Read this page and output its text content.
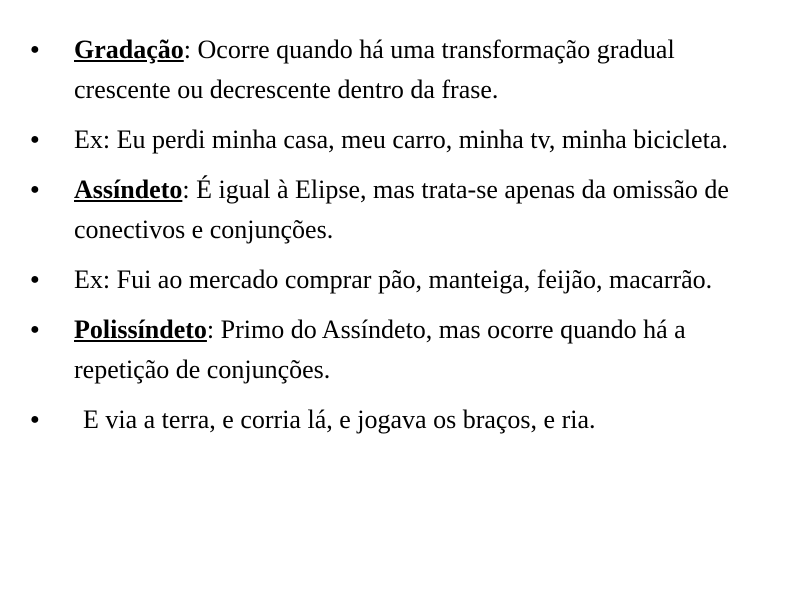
● Gradação: Ocorre quando há uma transformação gradual crescente ou decrescente dentro da frase.
● Ex: Eu perdi minha casa, meu carro, minha tv, minha bicicleta.
● Assíndeto: É igual à Elipse, mas trata-se apenas da omissão de conectivos e conjunções.
● Ex: Fui ao mercado comprar pão, manteiga, feijão, macarrão.
● Polissíndeto: Primo do Assíndeto, mas ocorre quando há a repetição de conjunções.
● E via a terra, e corria lá, e jogava os braços, e ria.
